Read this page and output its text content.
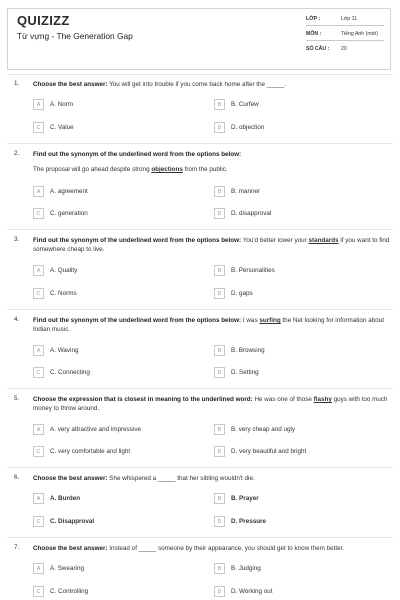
QUIZIZZ
Từ vựng - The Generation Gap
LỚP :	Lớp 11
MÔN :	Tiếng Anh (mới)
SỐ CÂU : 20
1. Choose the best answer: You will get into trouble if you come back home after the _____.
A	A. Norm	B	B. Curfew
C	C. Value	D	D. objection
2. Find out the synonym of the underlined word from the options below:
The proposal will go ahead despite strong objections from the public.
A	A. agreement	B	B. manner
C	C. generation	D	D. disapproval
3. Find out the synonym of the underlined word from the options below: You'd better lower your standards if you want to find somewhere cheap to live.
A	A. Quality	B	B. Personalities
C	C. Norms	D	D. gaps
4. Find out the synonym of the underlined word from the options below: I was surfing the Net looking for information about Indian music.
A	A. Waving	B	B. Browsing
C	C. Connecting	D	D. Setting
5. Choose the expression that is closest in meaning to the underlined word: He was one of those flashy guys with too much money to throw around.
A	A. very attractive and impressive	B	B. very cheap and ugly
C	C. very comfortable and light	D	D. very beautiful and bright
6. Choose the best answer: She whispered a _____ that her sibling wouldn't die.
A	A. Burden	B	B. Prayer
C	C. Disapproval	D	D. Pressure
7. Choose the best answer: Instead of _____ someone by their appearance, you should get to know them better.
A	A. Swearing	B	B. Judging
C	C. Controlling	D	D. Working out
